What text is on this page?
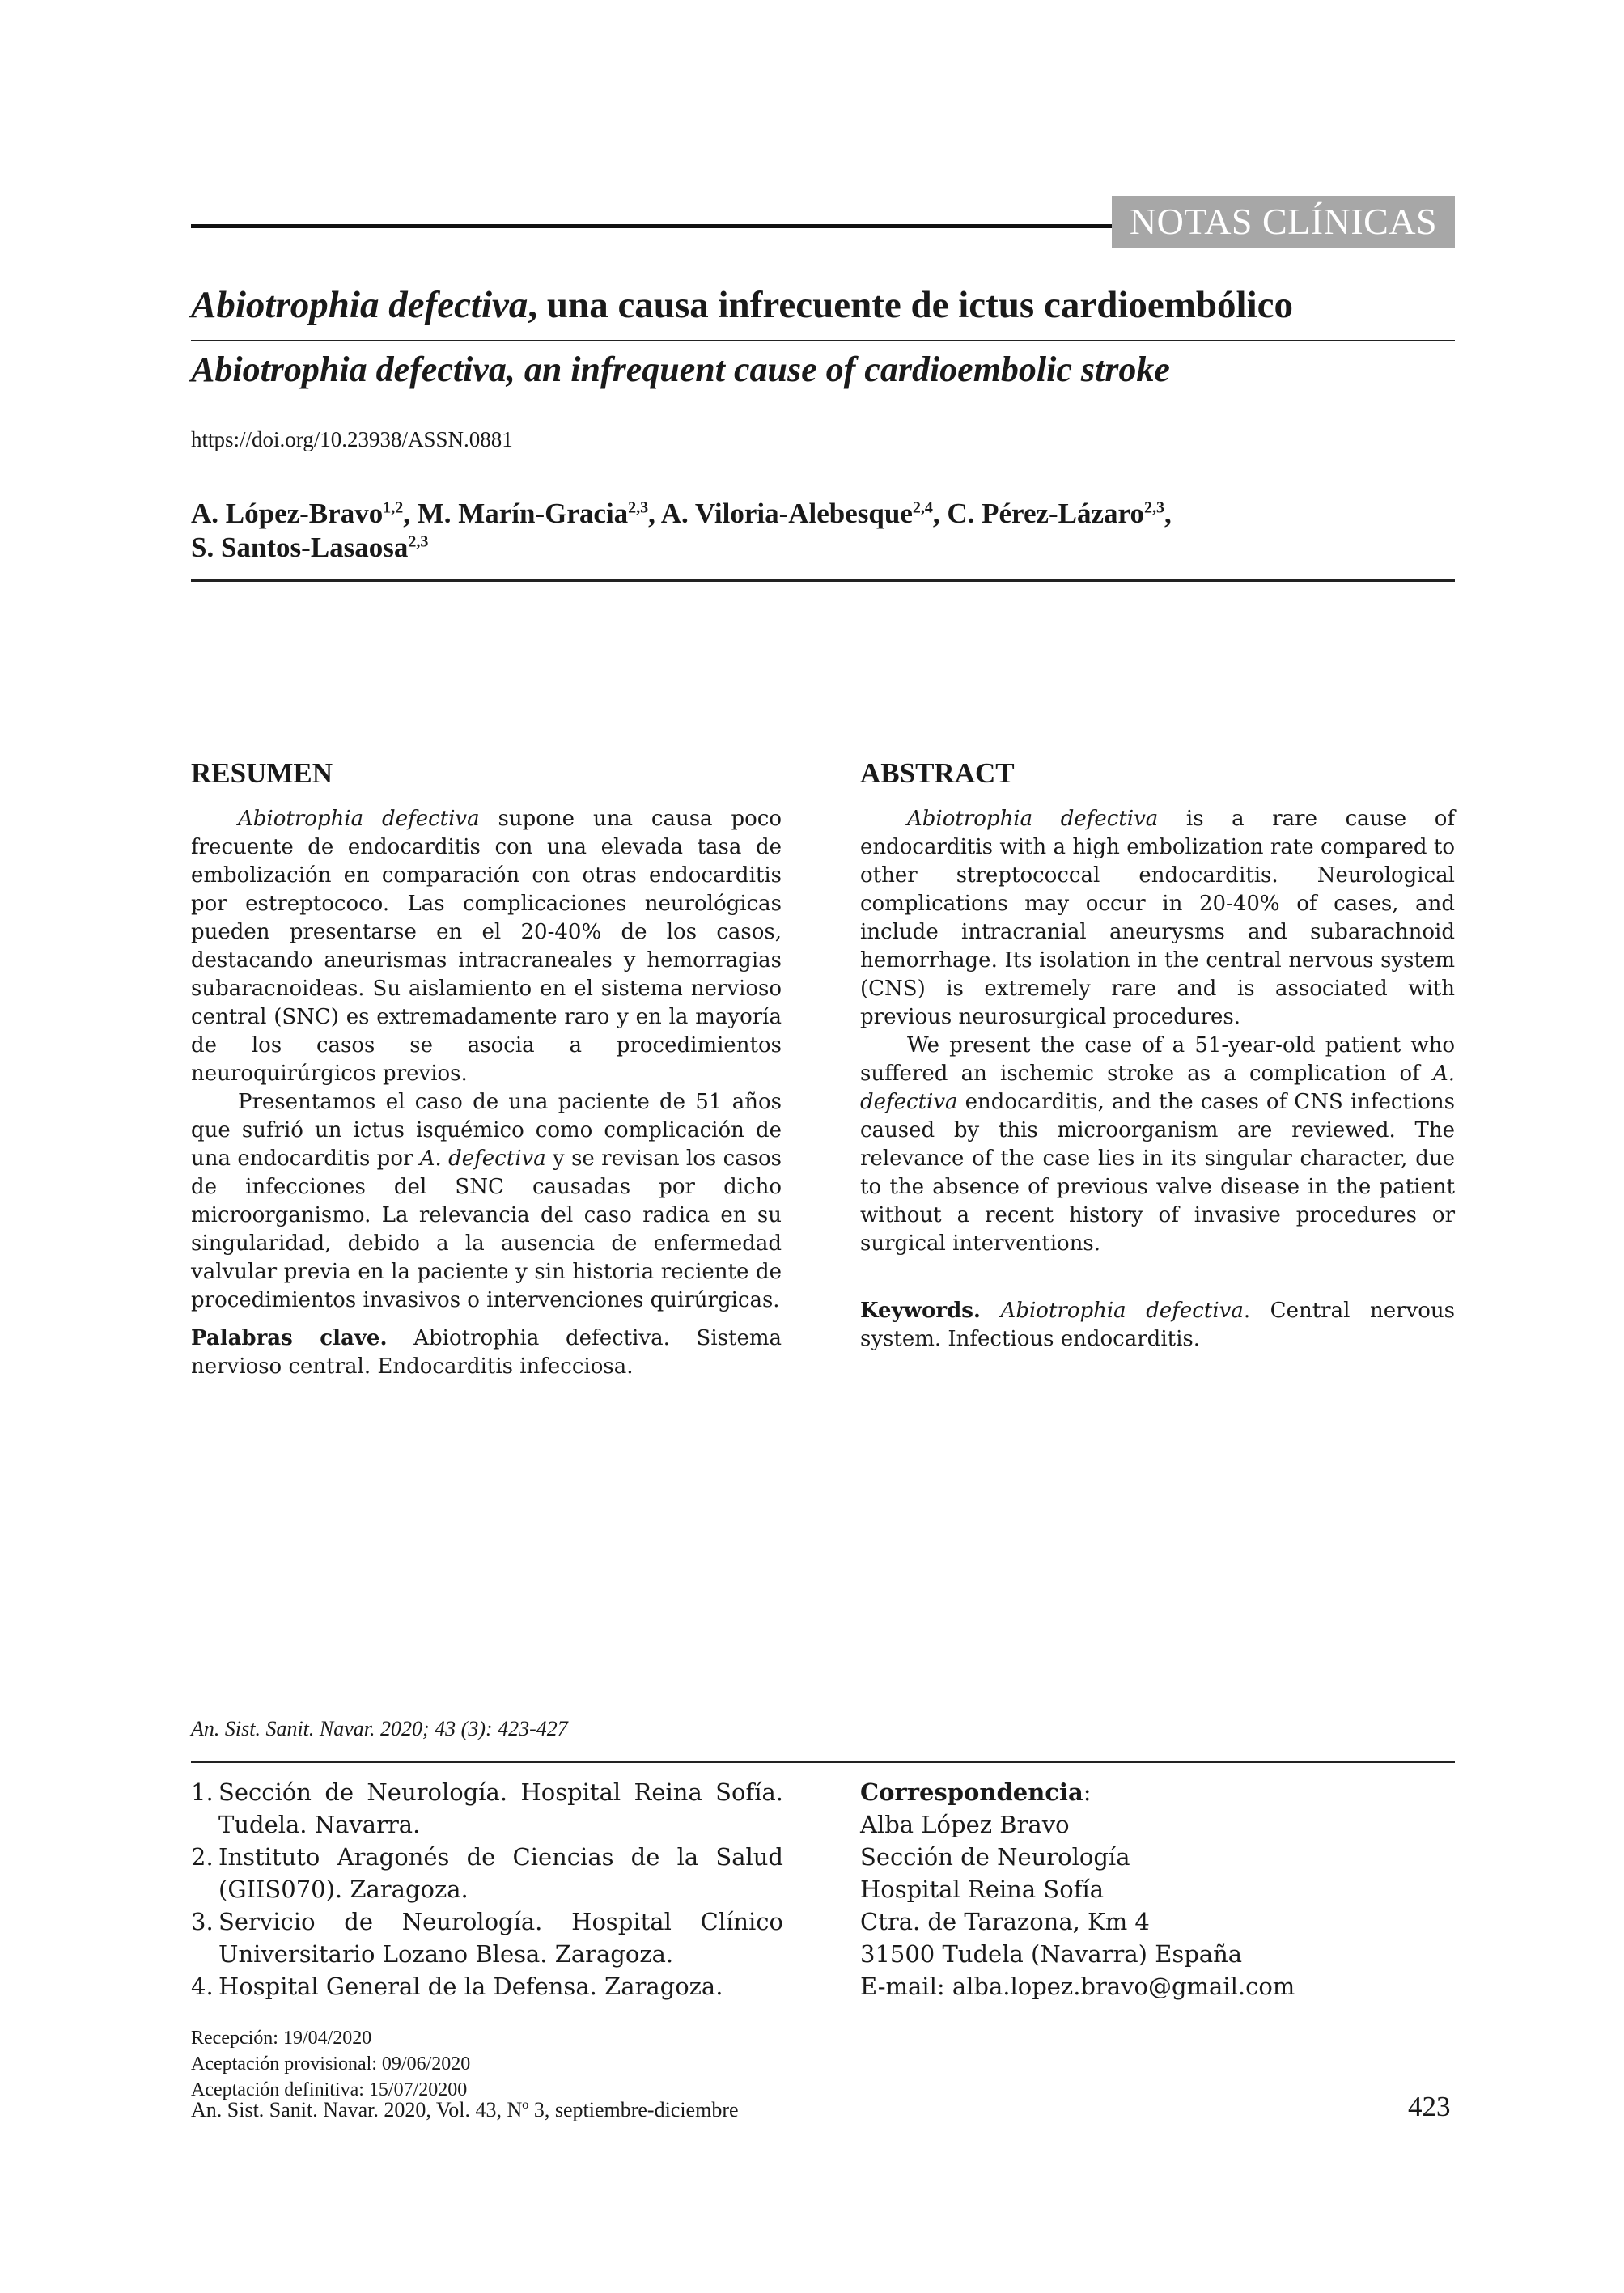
NOTAS CLÍNICAS
Abiotrophia defectiva, una causa infrecuente de ictus cardioembólico
Abiotrophia defectiva, an infrequent cause of cardioembolic stroke
https://doi.org/10.23938/ASSN.0881
A. López-Bravo$^{1,2}$, M. Marín-Gracia$^{2,3}$, A. Viloria-Alebesque$^{2,4}$, C. Pérez-Lázaro$^{2,3}$,
S. Santos-Lasaosa$^{2,3}$
RESUMEN

Abiotrophia defectiva supone una causa poco frecuente de endocarditis con una elevada tasa de embolización en comparación con otras endocarditis por estreptococo. Las complicaciones neurológicas pueden presentarse en el 20-40% de los casos, destacando aneurismas intracraneales y hemorragias subaracnoideas. Su aislamiento en el sistema nervioso central (SNC) es extremadamente raro y en la mayoría de los casos se asocia a procedimientos neuroquirúrgicos previos.

Presentamos el caso de una paciente de 51 años que sufrió un ictus isquémico como complicación de una endocarditis por A. defectiva y se revisan los casos de infecciones del SNC causadas por dicho microorganismo. La relevancia del caso radica en su singularidad, debido a la ausencia de enfermedad valvular previa en la paciente y sin historia reciente de procedimientos invasivos o intervenciones quirúrgicas.

Palabras clave. Abiotrophia defectiva. Sistema nervioso central. Endocarditis infecciosa.

ABSTRACT

Abiotrophia defectiva is a rare cause of endocarditis with a high embolization rate compared to other streptococcal endocarditis. Neurological complications may occur in 20-40% of cases, and include intracranial aneurysms and subarachnoid hemorrhage. Its isolation in the central nervous system (CNS) is extremely rare and is associated with previous neurosurgical procedures.

We present the case of a 51-year-old patient who suffered an ischemic stroke as a complication of A. defectiva endocarditis, and the cases of CNS infections caused by this microorganism are reviewed. The relevance of the case lies in its singular character, due to the absence of previous valve disease in the patient without a recent history of invasive procedures or surgical interventions.

Keywords. Abiotrophia defectiva. Central nervous system. Infectious endocarditis.

An. Sist. Sanit. Navar. 2020; 43 (3): 423-427
1. Sección de Neurología. Hospital Reina Sofía. Tudela. Navarra.
2. Instituto Aragonés de Ciencias de la Salud (GIIS070). Zaragoza.
3. Servicio de Neurología. Hospital Clínico Universitario Lozano Blesa. Zaragoza.
4. Hospital General de la Defensa. Zaragoza.
Correspondencia:
Alba López Bravo
Sección de Neurología
Hospital Reina Sofía
Ctra. de Tarazona, Km 4
31500 Tudela (Navarra) España
E-mail: alba.lopez.bravo@gmail.com
Recepción: 19/04/2020
Aceptación provisional: 09/06/2020
Aceptación definitiva: 15/07/20200
An. Sist. Sanit. Navar. 2020, Vol. 43, Nº 3, septiembre-diciembre	423
